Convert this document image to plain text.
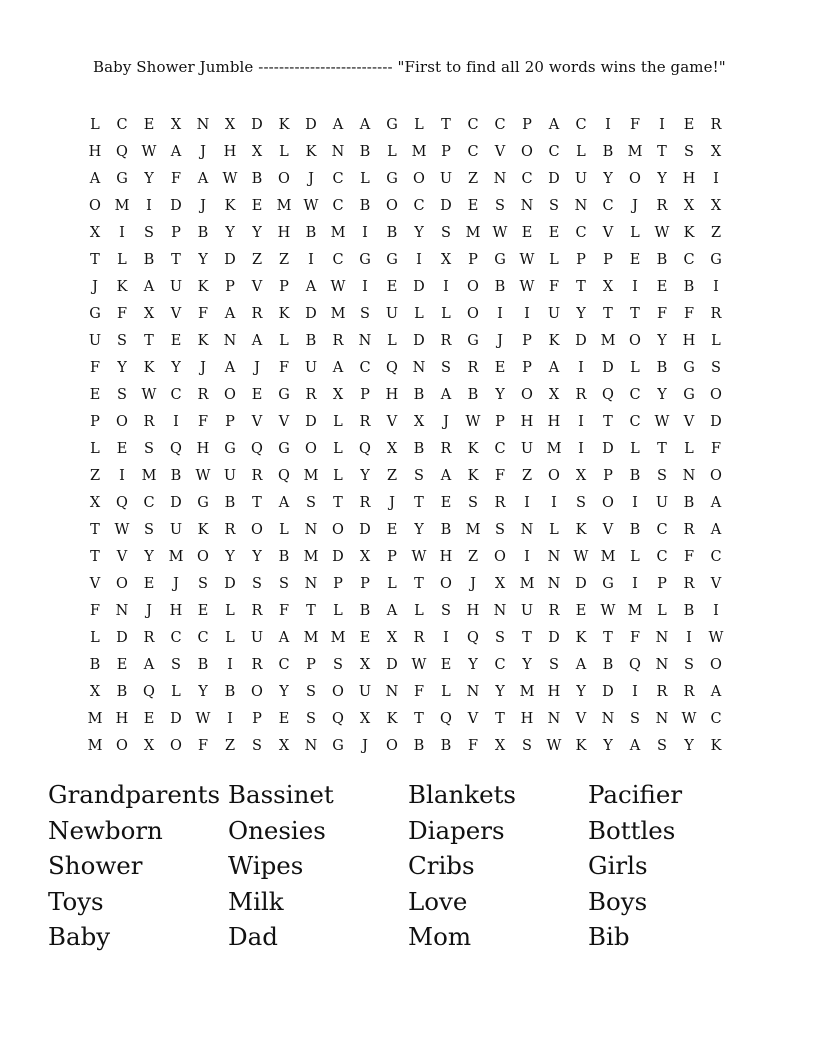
Baby Shower Jumble -------------------------- "First to find all 20 words wins the game!"
L C E X N X D K D A A G L T C C P A C	I	F	I	E R
H Q W A	J	H X L K N B L M P C V O C L B M T S X
A G Y F A W B O	J	C L G O U Z N C D U Y O Y H	I
O M	I	D	J	K E M W C B O C D E S N S N C	J	R X X
X	I	S P B Y Y H B M	I	B Y S M W E E C V L W K Z
T L B T Y D Z Z	I	C G G	I	X P G W L P P E B C G
J	K A U K P V P A W	I	E D	I	O B W F T X	I	E B	I
G F X V F A R K D M S U L L O	I	I	U Y T T F F R
U S T E K N A L B R N L D R G	J	P K D M O Y H L
F Y K Y	J	A	J	F U A C Q N S R E P A	I	D L B G S
E S W C R O E G R X P H B A B Y O X R Q C Y G O
P O R	I	F P V V D L R V X	J	W P H H	I	T C W V D
L E S Q H G Q G O L Q X B R K C U M	I	D L T L F
Z	I	M B W U R Q M L Y Z S A K F Z O X P B S N O
X Q C D G B T A S T R	J	T E S R	I	I	S O	I	U B A
T W S U K R O L N O D E Y B M S N L K V B C R A
T V Y M O Y Y B M D X P W H Z O	I	N W M L C F C
V O E	J	S D S S N P P L T O	J	X M N D G	I	P R V
F N	J	H E L R F T L B A L S H N U R E W M L B	I
L D R C C L U A M M E X R	I	Q S T D K T F N	I	W
B E A S B	I	R C P S X D W E Y C Y S A B Q N S O
X B Q L Y B O Y S O U N F L N Y M H Y D	I	R R A
M H E D W	I	P E S Q X K T Q V T H N V N S N W C
M O X O F Z S X N G	J	O B B F X S W K Y A S Y K
Grandparents Bassinet	Blankets	Pacifier
Newborn	Onesies	Diapers	Bottles
Shower	Wipes	Cribs	Girls
Toys	Milk	Love	Boys
Baby	Dad	Mom	Bib
